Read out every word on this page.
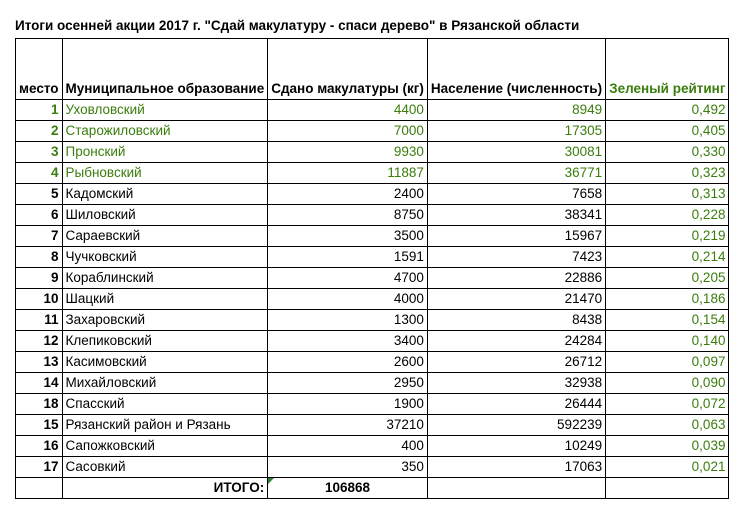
Итоги осенней акции 2017 г. "Сдай макулатуру - спаси дерево" в Рязанской области
место	Муниципальное образование	Сдано макулатуры (кг)	Население (численность)	Зеленый рейтинг
1	Уховловский	4400	8949	0,492
2	Старожиловский	7000	17305	0,405
3	Пронский	9930	30081	0,330
4	Рыбновский	11887	36771	0,323
5	Кадомский	2400	7658	0,313
6	Шиловский	8750	38341	0,228
7	Сараевский	3500	15967	0,219
8	Чучковский	1591	7423	0,214
9	Кораблинский	4700	22886	0,205
10	Шацкий	4000	21470	0,186
11	Захаровский	1300	8438	0,154
12	Клепиковский	3400	24284	0,140
13	Касимовский	2600	26712	0,097
14	Михайловский	2950	32938	0,090
18	Спасский	1900	26444	0,072
15	Рязанский район и Рязань	37210	592239	0,063
16	Сапожковский	400	10249	0,039
17	Сасовкий	350	17063	0,021
	ИТОГО:	106868		
